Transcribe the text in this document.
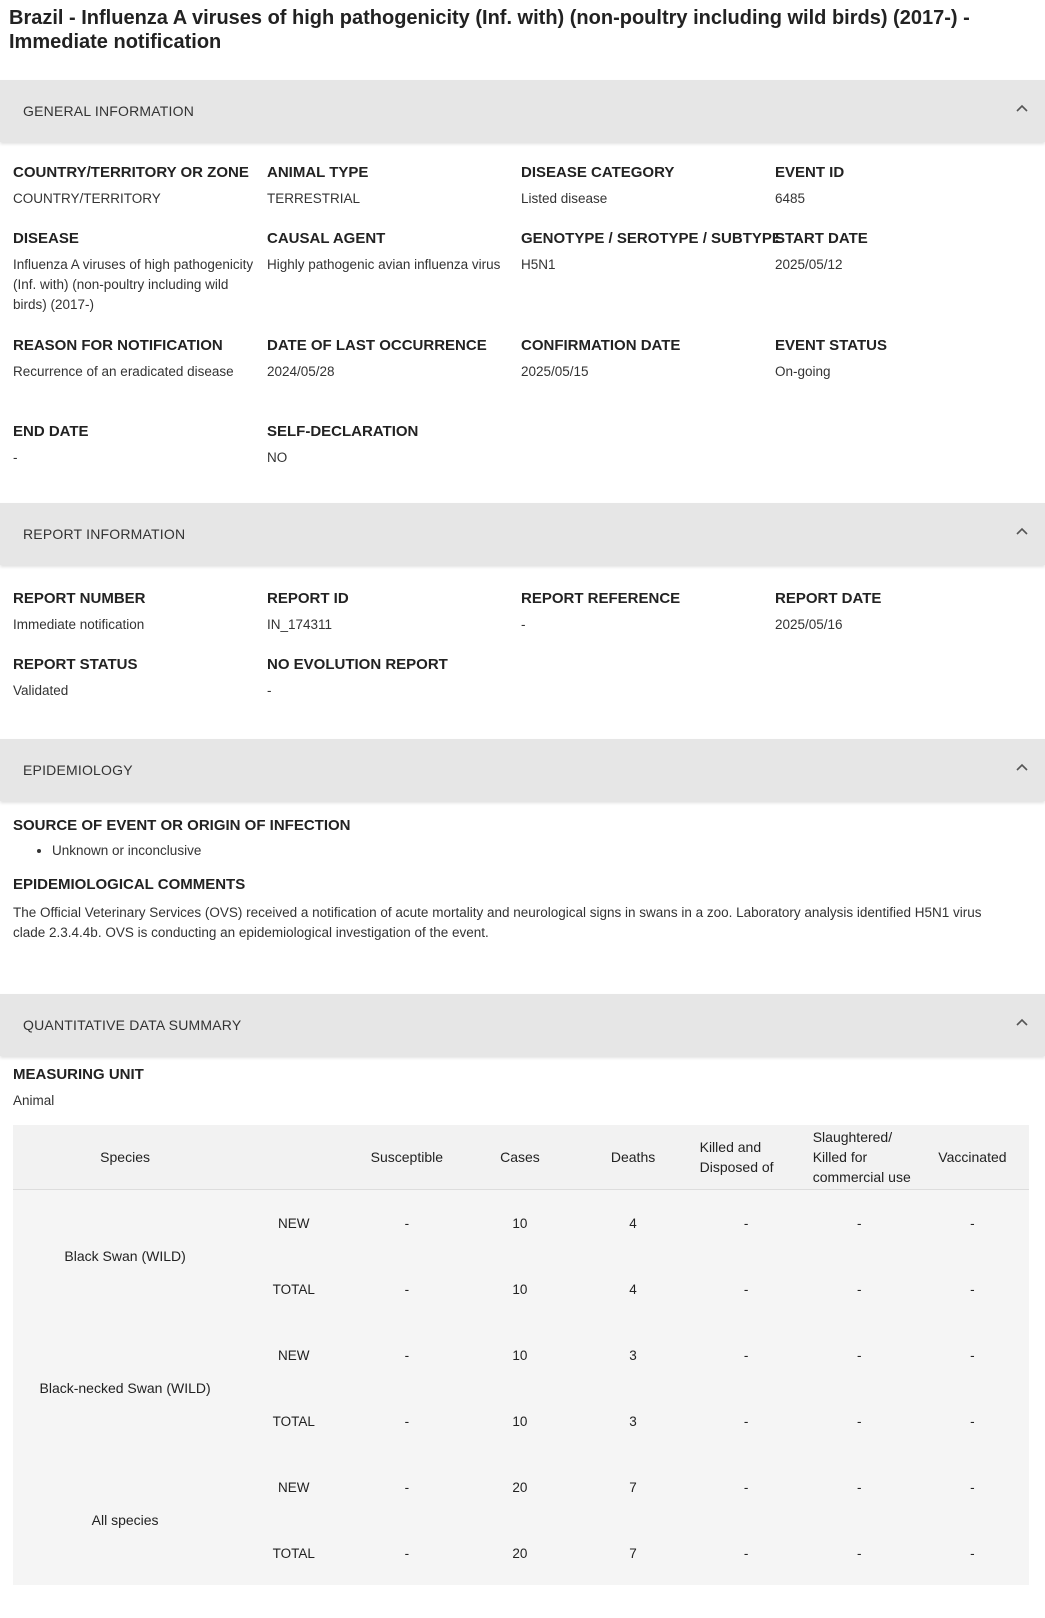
Brazil - Influenza A viruses of high pathogenicity (Inf. with) (non-poultry including wild birds) (2017-) - Immediate notification
GENERAL INFORMATION
COUNTRY/TERRITORY OR ZONE
COUNTRY/TERRITORY
ANIMAL TYPE
TERRESTRIAL
DISEASE CATEGORY
Listed disease
EVENT ID
6485
DISEASE
Influenza A viruses of high pathogenicity (Inf. with) (non-poultry including wild birds) (2017-)
CAUSAL AGENT
Highly pathogenic avian influenza virus
GENOTYPE / SEROTYPE / SUBTYPE
H5N1
START DATE
2025/05/12
REASON FOR NOTIFICATION
Recurrence of an eradicated disease
DATE OF LAST OCCURRENCE
2024/05/28
CONFIRMATION DATE
2025/05/15
EVENT STATUS
On-going
END DATE
-
SELF-DECLARATION
NO
REPORT INFORMATION
REPORT NUMBER
Immediate notification
REPORT ID
IN_174311
REPORT REFERENCE
-
REPORT DATE
2025/05/16
REPORT STATUS
Validated
NO EVOLUTION REPORT
-
EPIDEMIOLOGY
SOURCE OF EVENT OR ORIGIN OF INFECTION
• Unknown or inconclusive
EPIDEMIOLOGICAL COMMENTS
The Official Veterinary Services (OVS) received a notification of acute mortality and neurological signs in swans in a zoo. Laboratory analysis identified H5N1 virus clade 2.3.4.4b. OVS is conducting an epidemiological investigation of the event.
QUANTITATIVE DATA SUMMARY
MEASURING UNIT
Animal
Species		Susceptible	Cases	Deaths	Killed and Disposed of	Slaughtered/ Killed for commercial use	Vaccinated
Black Swan (WILD)	NEW	-	10	4	-	-	-
	TOTAL	-	10	4	-	-	-
Black-necked Swan (WILD)	NEW	-	10	3	-	-	-
	TOTAL	-	10	3	-	-	-
All species	NEW	-	20	7	-	-	-
	TOTAL	-	20	7	-	-	-
